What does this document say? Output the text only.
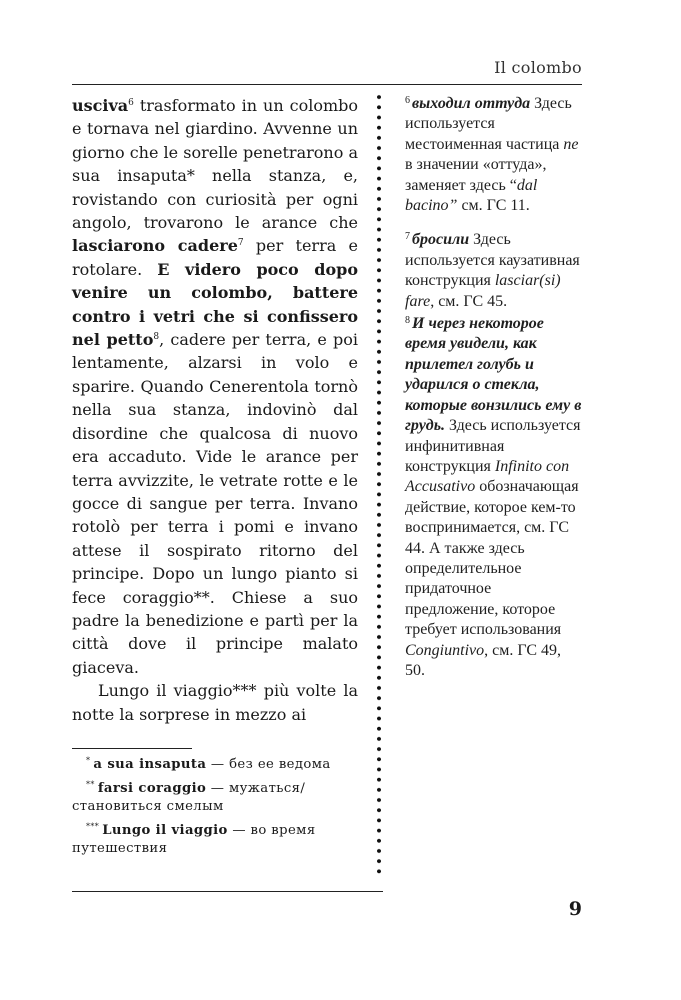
Il colombo

usciva$^6$ trasformato in un colombo e tornava nel giardino. Avvenne un giorno che le sorelle penetrarono a sua insaputa* nella stanza, e, rovistando con curiosità per ogni angolo, trovarono le arance che lasciarono cadere$^7$ per terra e rotolare. E videro poco dopo venire un colombo, battere contro i vetri che si confissero nel petto$^8$, cadere per terra, e poi lentamente, alzarsi in volo e sparire. Quando Cenerentola tornò nella sua stanza, indovinò dal disordine che qualcosa di nuovo era accaduto. Vide le arance per terra avvizzite, le vetrate rotte e le gocce di sangue per terra. Invano rotolò per terra i pomi e invano attese il sospirato ritorno del principe. Dopo un lungo pianto si fece coraggio**. Chiese a suo padre la benedizione e partì per la città dove il principe malato giaceva.

Lungo il viaggio*** più volte la notte la sorprese in mezzo ai

$^6$ выходил оттуда Здесь используется местоименная частица ne в значении «оттуда», заменяет здесь “dal bacino” см. ГС 11.
$^7$ бросили Здесь используется каузативная конструкция lasciar(si) fare, см. ГС 45.
$^8$ И через некоторое время увидели, как прилетел голубь и ударился о стекла, которые вонзились ему в грудь. Здесь используется инфинитивная конструкция Infinito con Accusativo обозначающая действие, которое кем-то воспринимается, см. ГС 44. А также здесь определительное придаточное предложение, которое требует использования Congiuntivo, см. ГС 49, 50.

* a sua insaputa — без ее ведома

** farsi coraggio — мужаться/становиться смелым

*** Lungo il viaggio — во время путешествия

9
